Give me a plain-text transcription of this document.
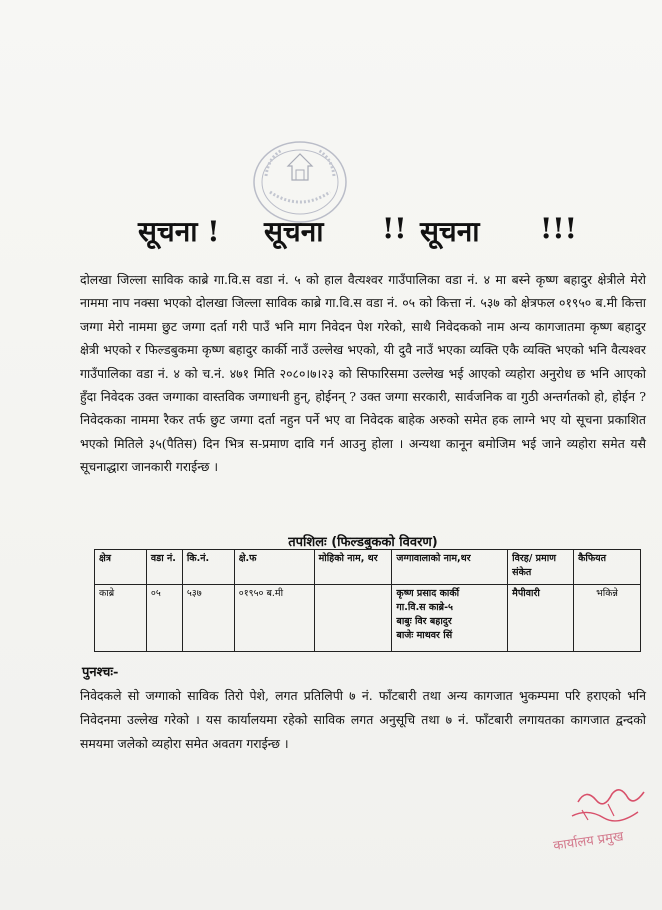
सूचना ! सूचना !! सूचना !!!
दोलखा जिल्ला साविक काब्रे गा.वि.स वडा नं. ५ को हाल वैत्यश्वर गाउँपालिका वडा नं. ४ मा बस्ने कृष्ण बहादुर क्षेत्रीले मेरो नाममा नाप नक्सा भएको दोलखा जिल्ला साविक काब्रे गा.वि.स वडा नं. ०५ को कित्ता नं. ५३७ को क्षेत्रफल ०१९५० ब.मी कित्ता जग्गा मेरो नाममा छुट जग्गा दर्ता गरी पाउँ भनि माग निवेदन पेश गरेको, साथै निवेदकको नाम अन्य कागजातमा कृष्ण बहादुर क्षेत्री भएको र फिल्डबुकमा कृष्ण बहादुर कार्की नाउँ उल्लेख भएको, यी दुवै नाउँ भएका व्यक्ति एकै व्यक्ति भएको भनि वैत्यश्वर गाउँपालिका वडा नं. ४ को च.नं. ४७१ मिति २०८०।७।२३ को सिफारिसमा उल्लेख भई आएको व्यहोरा अनुरोध छ भनि आएको हुँदा निवेदक उक्त जग्गाका वास्तविक जग्गाधनी हुन्, होईनन् ? उक्त जग्गा सरकारी, सार्वजनिक वा गुठी अन्तर्गतको हो, होईन ? निवेदकका नाममा रैकर तर्फ छुट जग्गा दर्ता नहुन पर्ने भए वा निवेदक बाहेक अरुको समेत हक लाग्ने भए यो सूचना प्रकाशित भएको मितिले ३५(पैतिस) दिन भित्र स-प्रमाण दावि गर्न आउनु होला । अन्यथा कानून बमोजिम भई जाने व्यहोरा समेत यसै सूचनाद्धारा जानकारी गराईन्छ ।
तपशिलः (फिल्डबुकको विवरण)
क्षेत्र	वडा नं.	कि.नं.	क्षे.फ	मोहिको नाम, थर	जग्गावालाको नाम,थर	विरह/ प्रमाण संकेत	कैफियत
काब्रे	०५	५३७	०१९५० ब.मी		कृष्ण प्रसाद कार्की
गा.वि.स काब्रे-५
बाबुः विर बहादुर
बाजेः माथवर सिं	मैपीवारी	भकिन्ने
पुनश्चः-
निवेदकले सो जग्गाको साविक तिरो पेशे, लगत प्रतिलिपी ७ नं. फाँटबारी तथा अन्य कागजात भुकम्पमा परि हराएको भनि निवेदनमा उल्लेख गरेको । यस कार्यालयमा रहेको साविक लगत अनुसूचि तथा ७ नं. फाँटबारी लगायतका कागजात द्वन्दको समयमा जलेको व्यहोरा समेत अवतग गराईन्छ ।
कार्यालय प्रमुख
